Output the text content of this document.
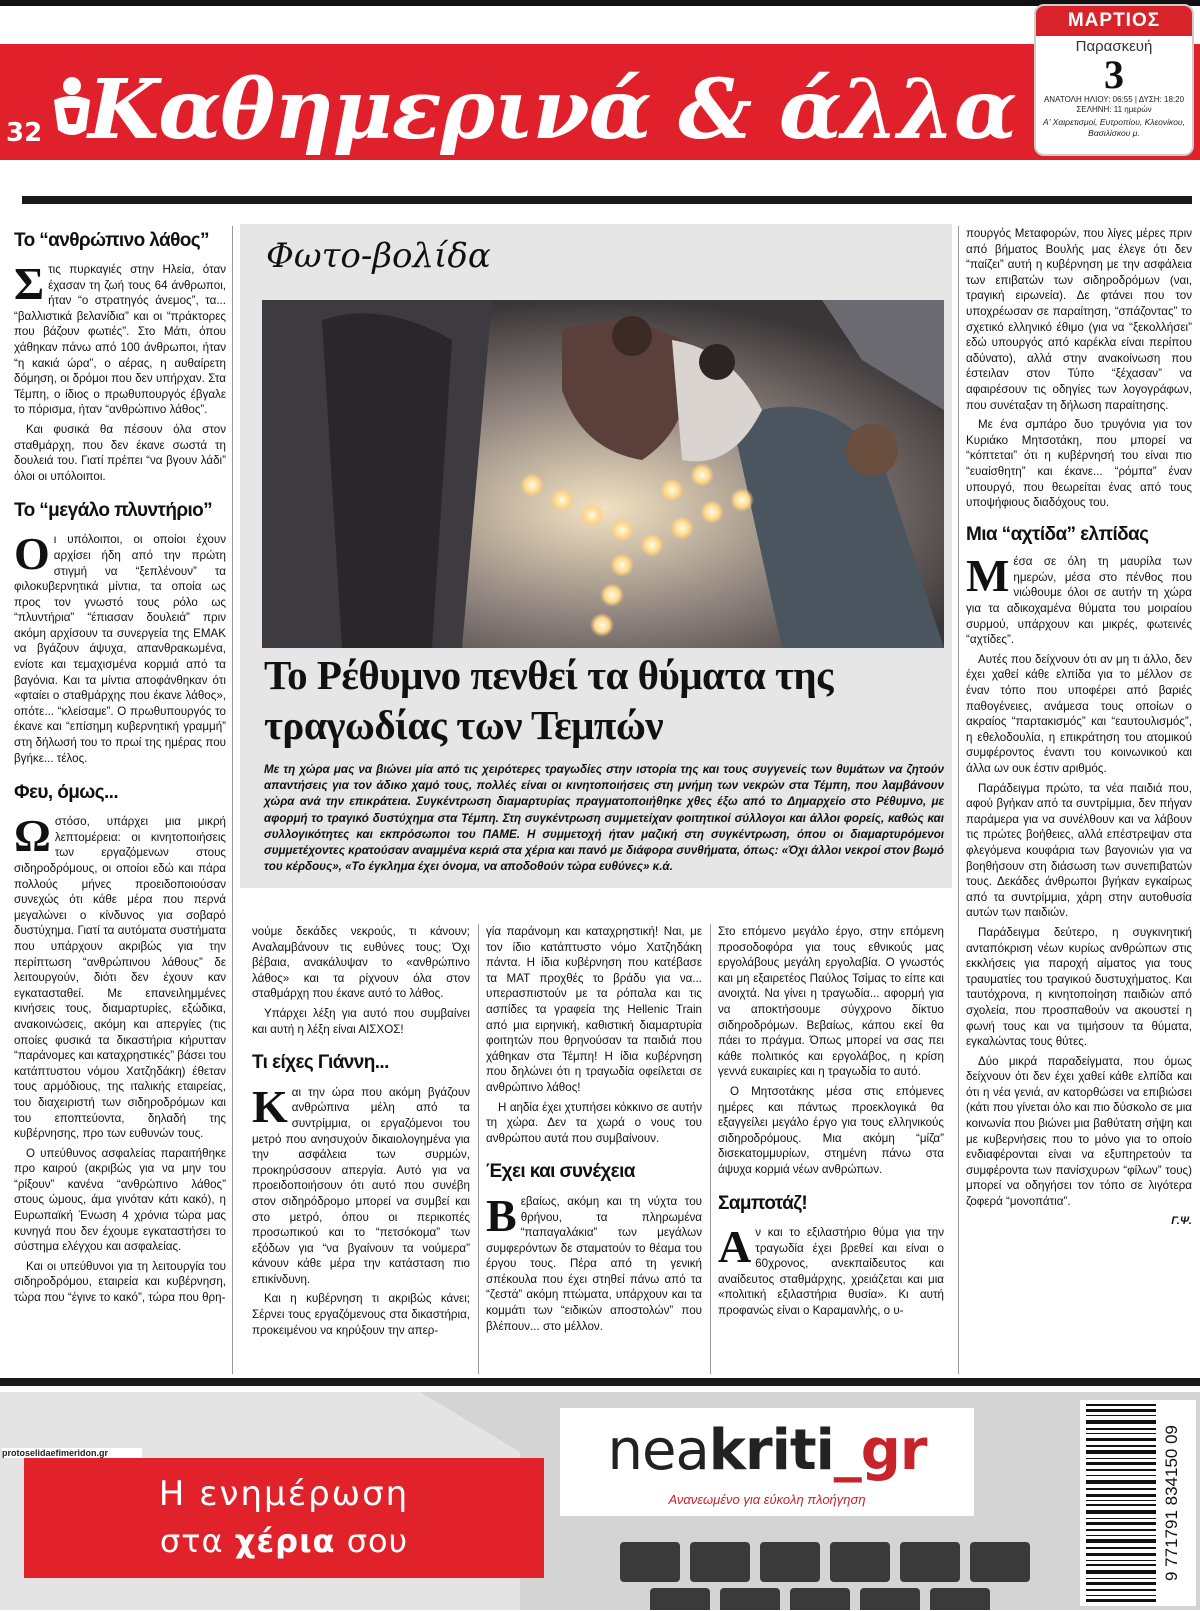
32 Καθημερινά & άλλα
ΜΑΡΤΙΟΣ
Παρασκευή
3
ΑΝΑΤΟΛΗ ΗΛΙΟΥ: 06:55 | ΔΥΣΗ: 18:20
ΣΕΛΗΝΗ: 11 ημερών
Α' Χαιρετισμοί, Ευτροπίου, Κλεονίκου, Βασιλίσκου μ.
Το “ανθρώπινο λάθος”

Στις πυρκαγιές στην Ηλεία, όταν έχασαν τη ζωή τους 64 άνθρωποι, ήταν “ο στρατηγός άνεμος”, τα... “βαλλιστικά βελανίδια” και οι “πράκτορες που βάζουν φωτιές”. Στο Μάτι, όπου χάθηκαν πάνω από 100 άνθρωποι, ήταν “η κακιά ώρα”, ο αέρας, η αυθαίρετη δόμηση, οι δρόμοι που δεν υπήρχαν. Στα Τέμπη, ο ίδιος ο πρωθυπουργός έβγαλε το πόρισμα, ήταν “ανθρώπινο λάθος”.

Και φυσικά θα πέσουν όλα στον σταθμάρχη, που δεν έκανε σωστά τη δουλειά του. Γιατί πρέπει “να βγουν λάδι” όλοι οι υπόλοιποι.

Το “μεγάλο πλυντήριο”

Οι υπόλοιποι, οι οποίοι έχουν αρχίσει ήδη από την πρώτη στιγμή να “ξεπλένουν” τα φιλοκυβερνητικά μίντια, τα οποία ως προς τον γνωστό τους ρόλο ως “πλυντήρια” “έπιασαν δουλειά” πριν ακόμη αρχίσουν τα συνεργεία της ΕΜΑΚ να βγάζουν άψυχα, απανθρακωμένα, ενίοτε και τεμαχισμένα κορμιά από τα βαγόνια. Και τα μίντια αποφάνθηκαν ότι «φταίει ο σταθμάρχης που έκανε λάθος», οπότε... “κλείσαμε”. Ο πρωθυπουργός το έκανε και “επίσημη κυβερνητική γραμμή” στη δήλωσή του το πρωί της ημέρας που βγήκε... τέλος.

Φευ, όμως...

Ωστόσο, υπάρχει μια μικρή λεπτομέρεια: οι κινητοποιήσεις των εργαζόμενων στους σιδηροδρόμους, οι οποίοι εδώ και πάρα πολλούς μήνες προειδοποιούσαν συνεχώς ότι κάθε μέρα που περνά μεγαλώνει ο κίνδυνος για σοβαρό δυστύχημα. Γιατί τα αυτόματα συστήματα που υπάρχουν ακριβώς για την περίπτωση “ανθρώπινου λάθους” δε λειτουργούν, διότι δεν έχουν καν εγκατασταθεί. Με επανειλημμένες κινήσεις τους, διαμαρτυρίες, εξώδικα, ανακοινώσεις, ακόμη και απεργίες (τις οποίες φυσικά τα δικαστήρια κήρυτταν “παράνομες και καταχρηστικές” βάσει του κατάπτυστου νόμου Χατζηδάκη) έθεταν τους αρμόδιους, της ιταλικής εταιρείας, του διαχειριστή των σιδηροδρόμων και του εποπτεύοντα, δηλαδή της κυβέρνησης, προ των ευθυνών τους.

Ο υπεύθυνος ασφαλείας παραιτήθηκε προ καιρού (ακριβώς για να μην του “ρίξουν” κανένα “ανθρώπινο λάθος” στους ώμους, άμα γινόταν κάτι κακό), η Ευρωπαϊκή Ένωση 4 χρόνια τώρα μας κυνηγά που δεν έχουμε εγκαταστήσει το σύστημα ελέγχου και ασφαλείας.

Και οι υπεύθυνοι για τη λειτουργία του σιδηροδρόμου, εταιρεία και κυβέρνηση, τώρα που “έγινε το κακό”, τώρα που θρη-

Φωτο-βολίδα
Το Ρέθυμνο πενθεί τα θύματα της τραγωδίας των Τεμπών
Με τη χώρα μας να βιώνει μία από τις χειρότερες τραγωδίες στην ιστορία της και τους συγγενείς των θυμάτων να ζητούν απαντήσεις για τον άδικο χαμό τους, πολλές είναι οι κινητοποιήσεις στη μνήμη των νεκρών στα Τέμπη, που λαμβάνουν χώρα ανά την επικράτεια. Συγκέντρωση διαμαρτυρίας πραγματοποιήθηκε χθες έξω από το Δημαρχείο στο Ρέθυμνο, με αφορμή το τραγικό δυστύχημα στα Τέμπη. Στη συγκέντρωση συμμετείχαν φοιτητικοί σύλλογοι και άλλοι φορείς, καθώς και συλλογικότητες και εκπρόσωποι του ΠΑΜΕ. Η συμμετοχή ήταν μαζική στη συγκέντρωση, όπου οι διαμαρτυρόμενοι συμμετέχοντες κρατούσαν αναμμένα κεριά στα χέρια και πανό με διάφορα συνθήματα, όπως: «Όχι άλλοι νεκροί στον βωμό του κέρδους», «Το έγκλημα έχει όνομα, να αποδοθούν τώρα ευθύνες» κ.ά.

νούμε δεκάδες νεκρούς, τι κάνουν; Αναλαμβάνουν τις ευθύνες τους; Όχι βέβαια, ανακάλυψαν το «ανθρώπινο λάθος» και τα ρίχνουν όλα στον σταθμάρχη που έκανε αυτό το λάθος.

Υπάρχει λέξη για αυτό που συμβαίνει και αυτή η λέξη είναι ΑΙΣΧΟΣ!

Τι είχες Γιάννη...

Και την ώρα που ακόμη βγάζουν ανθρώπινα μέλη από τα συντρίμμια, οι εργαζόμενοι του μετρό που ανησυχούν δικαιολογημένα για την ασφάλεια των συρμών, προκηρύσσουν απεργία. Αυτό για να προειδοποιήσουν ότι αυτό που συνέβη στον σιδηρόδρομο μπορεί να συμβεί και στο μετρό, όπου οι περικοπές προσωπικού και το “πετσόκομα” των εξόδων για “να βγαίνουν τα νούμερα” κάνουν κάθε μέρα την κατάσταση πιο επικίνδυνη.

Και η κυβέρνηση τι ακριβώς κάνει; Σέρνει τους εργαζόμενους στα δικαστήρια, προκειμένου να κηρύξουν την απερ-

γία παράνομη και καταχρηστική! Ναι, με τον ίδιο κατάπτυστο νόμο Χατζηδάκη πάντα. Η ίδια κυβέρνηση που κατέβασε τα ΜΑΤ προχθές το βράδυ για να... υπερασπιστούν με τα ρόπαλα και τις ασπίδες τα γραφεία της Hellenic Train από μια ειρηνική, καθιστική διαμαρτυρία φοιτητών που θρηνούσαν τα παιδιά που χάθηκαν στα Τέμπη! Η ίδια κυβέρνηση που δηλώνει ότι η τραγωδία οφείλεται σε ανθρώπινο λάθος!

Η αηδία έχει χτυπήσει κόκκινο σε αυτήν τη χώρα. Δεν τα χωρά ο νους του ανθρώπου αυτά που συμβαίνουν.

Έχει και συνέχεια

Βεβαίως, ακόμη και τη νύχτα του θρήνου, τα πληρωμένα “παπαγαλάκια” των μεγάλων συμφερόντων δε σταματούν το θέαμα του έργου τους. Πέρα από τη γενική σπέκουλα που έχει στηθεί πάνω από τα “ζεστά” ακόμη πτώματα, υπάρχουν και τα κομμάτι των “ειδικών αποστολών” που βλέπουν... στο μέλλον.

Στο επόμενο μεγάλο έργο, στην επόμενη προσοδοφόρα για τους εθνικούς μας εργολάβους μεγάλη εργολαβία. Ο γνωστός και μη εξαιρετέος Παύλος Τσίμας το είπε και ανοιχτά. Να γίνει η τραγωδία... αφορμή για να αποκτήσουμε σύγχρονο δίκτυο σιδηροδρόμων. Βεβαίως, κάπου εκεί θα πάει το πράγμα. Όπως μπορεί να σας πει κάθε πολιτικός και εργολάβος, η κρίση γεννά ευκαιρίες και η τραγωδία το αυτό.

Ο Μητσοτάκης μέσα στις επόμενες ημέρες και πάντως προεκλογικά θα εξαγγείλει μεγάλο έργο για τους ελληνικούς σιδηροδρόμους. Μια ακόμη “μίζα” δισεκατομμυρίων, στημένη πάνω στα άψυχα κορμιά νέων ανθρώπων.

Σαμποτάζ!

Αν και το εξιλαστήριο θύμα για την τραγωδία έχει βρεθεί και είναι ο 60χρονος, ανεκπαίδευτος και αναίδευτος σταθμάρχης, χρειάζεται και μια «πολιτική εξιλαστήρια θυσία». Κι αυτή προφανώς είναι ο Καραμανλής, ο υ-

πουργός Μεταφορών, που λίγες μέρες πριν από βήματος Βουλής μας έλεγε ότι δεν “παίζει” αυτή η κυβέρνηση με την ασφάλεια των επιβατών των σιδηροδρόμων (ναι, τραγική ειρωνεία). Δε φτάνει που τον υποχρέωσαν σε παραίτηση, “σπάζοντας” το σχετικό ελληνικό έθιμο (για να “ξεκολλήσει” εδώ υπουργός από καρέκλα είναι περίπου αδύνατο), αλλά στην ανακοίνωση που έστειλαν στον Τύπο “ξέχασαν” να αφαιρέσουν τις οδηγίες των λογογράφων, που συνέταξαν τη δήλωση παραίτησης.

Με ένα σμπάρο δυο τρυγόνια για τον Κυριάκο Μητσοτάκη, που μπορεί να “κόπτεται” ότι η κυβέρνησή του είναι πιο “ευαίσθητη” και έκανε... “ρόμπα” έναν υπουργό, που θεωρείται ένας από τους υποψήφιους διαδόχους του.

Μια “αχτίδα” ελπίδας

Μέσα σε όλη τη μαυρίλα των ημερών, μέσα στο πένθος που νιώθουμε όλοι σε αυτήν τη χώρα για τα αδικοχαμένα θύματα του μοιραίου συρμού, υπάρχουν και μικρές, φωτεινές “αχτίδες”.

Αυτές που δείχνουν ότι αν μη τι άλλο, δεν έχει χαθεί κάθε ελπίδα για το μέλλον σε έναν τόπο που υποφέρει από βαριές παθογένειες, ανάμεσα τους οποίων ο ακραίος “παρτακισμός” και “εαυτουλισμός”, η εθελοδουλία, η επικράτηση του ατομικού συμφέροντος έναντι του κοινωνικού και άλλα ων ουκ έστιν αριθμός.

Παράδειγμα πρώτο, τα νέα παιδιά που, αφού βγήκαν από τα συντρίμμια, δεν πήγαν παράμερα για να συνέλθουν και να λάβουν τις πρώτες βοήθειες, αλλά επέστρεψαν στα φλεγόμενα κουφάρια των βαγονιών για να βοηθήσουν στη διάσωση των συνεπιβατών τους. Δεκάδες άνθρωποι βγήκαν εγκαίρως από τα συντρίμμια, χάρη στην αυτοθυσία αυτών των παιδιών.

Παράδειγμα δεύτερο, η συγκινητική ανταπόκριση νέων κυρίως ανθρώπων στις εκκλήσεις για παροχή αίματος για τους τραυματίες του τραγικού δυστυχήματος. Και ταυτόχρονα, η κινητοποίηση παιδιών από σχολεία, που προσπαθούν να ακουστεί η φωνή τους και να τιμήσουν τα θύματα, εγκαλώντας τους θύτες.

Δύο μικρά παραδείγματα, που όμως δείχνουν ότι δεν έχει χαθεί κάθε ελπίδα και ότι η νέα γενιά, αν κατορθώσει να επιβιώσει (κάτι που γίνεται όλο και πιο δύσκολο σε μια κοινωνία που βιώνει μια βαθύτατη σήψη και με κυβερνήσεις που το μόνο για το οποίο ενδιαφέρονται είναι να εξυπηρετούν τα συμφέροντα των πανίσχυρων “φίλων” τους) μπορεί να οδηγήσει τον τόπο σε λιγότερα ζοφερά “μονοπάτια”.

Γ.Ψ.
protoselidaefimeridon.gr
Η ενημέρωση
στα χέρια σου
neakriti_gr
Ανανεωμένο για εύκολη πλοήγηση	9 771791 834150 09
